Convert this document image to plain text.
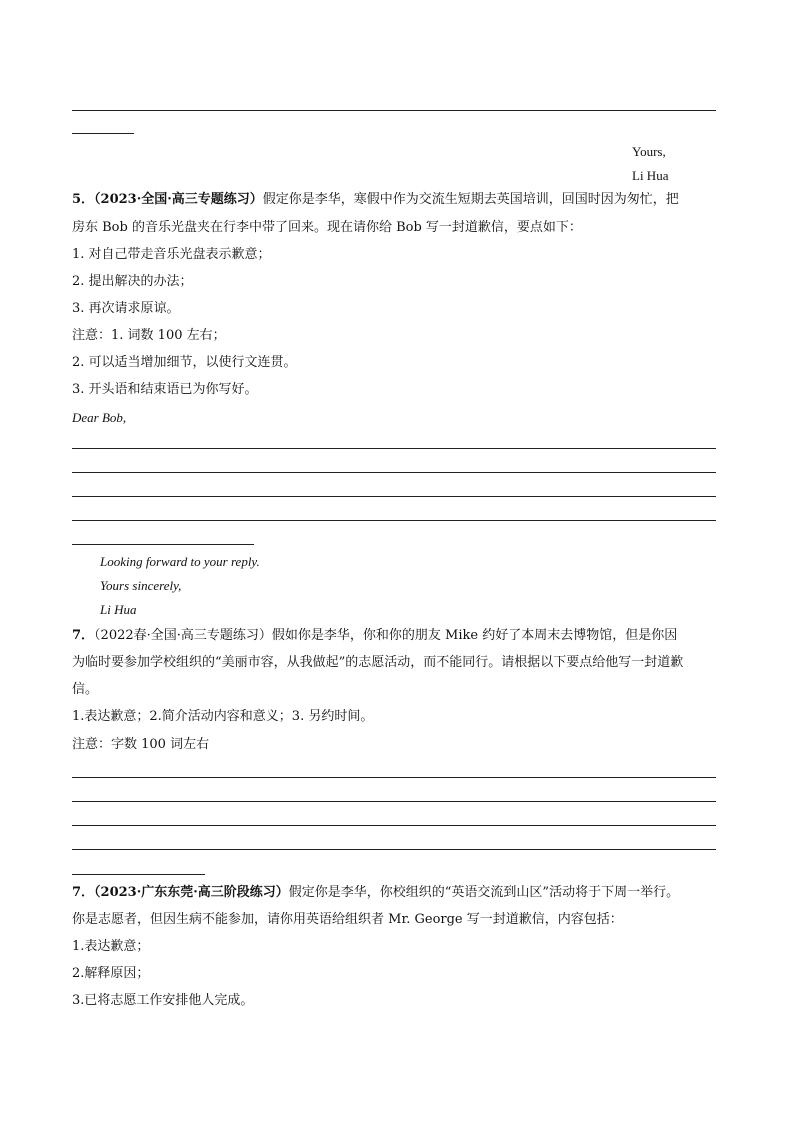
Yours,
Li Hua
5．（2023·全国·高三专题练习）假定你是李华，寒假中作为交流生短期去英国培训，回国时因为匆忙，把
房东 Bob 的音乐光盘夹在行李中带了回来。现在请你给 Bob 写一封道歉信，要点如下：
1. 对自己带走音乐光盘表示歉意；
2. 提出解决的办法；
3. 再次请求原谅。
注意：1. 词数 100 左右；
2. 可以适当增加细节，以使行文连贯。
3. 开头语和结束语已为你写好。
Dear Bob,
Looking forward to your reply.
Yours sincerely,
Li Hua
7．（2022春·全国·高三专题练习）假如你是李华，你和你的朋友 Mike 约好了本周末去博物馆，但是你因
为临时要参加学校组织的“美丽市容，从我做起”的志愿活动，而不能同行。请根据以下要点给他写一封道歉
信。
1.表达歉意；2.简介活动内容和意义；3. 另约时间。
注意：字数 100 词左右
7．（2023·广东东莞·高三阶段练习）假定你是李华，你校组织的“英语交流到山区”活动将于下周一举行。
你是志愿者，但因生病不能参加，请你用英语给组织者 Mr. George 写一封道歉信，内容包括：
1.表达歉意；
2.解释原因；
3.已将志愿工作安排他人完成。
